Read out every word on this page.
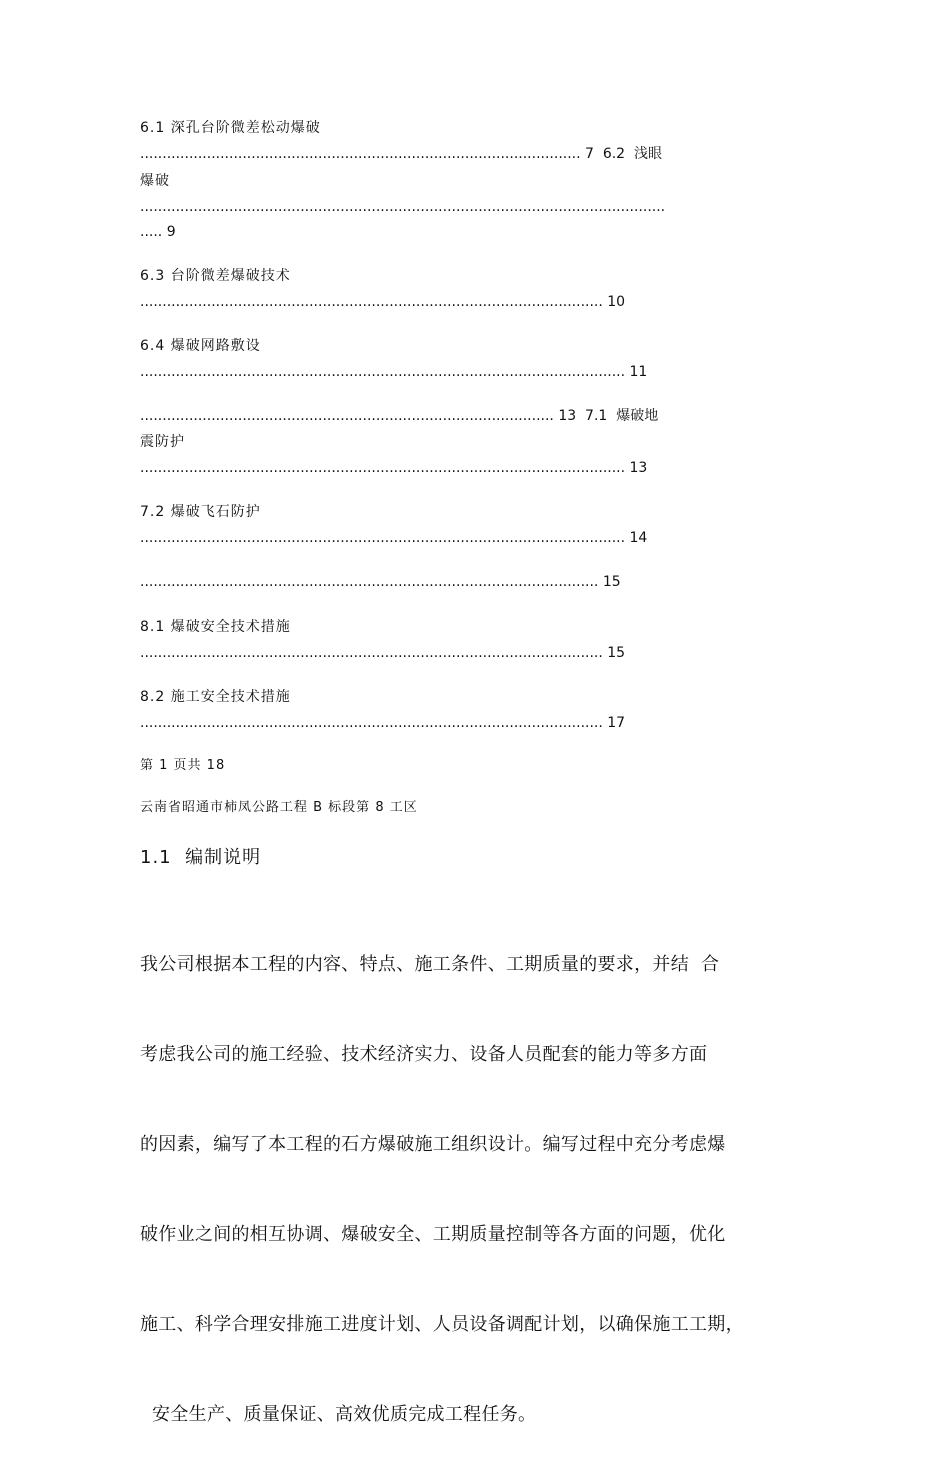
6.1 深孔台阶微差松动爆破
................................................................................................... 7  6.2  浅眼
爆破
......................................................................................................................
..... 9
6.3 台阶微差爆破技术
........................................................................................................ 10
6.4 爆破网路敷设
............................................................................................................. 11
............................................................................................. 13  7.1  爆破地
震防护
............................................................................................................. 13
7.2 爆破飞石防护
............................................................................................................. 14
....................................................................................................... 15
8.1 爆破安全技术措施
........................................................................................................ 15
8.2 施工安全技术措施
........................................................................................................ 17
第 1 页共 18
云南省昭通市柿凤公路工程 B 标段第 8 工区
1.1  编制说明

我公司根据本工程的内容、特点、施工条件、工期质量的要求，并结  合

考虑我公司的施工经验、技术经济实力、设备人员配套的能力等多方面

的因素，编写了本工程的石方爆破施工组织设计。编写过程中充分考虑爆

破作业之间的相互协调、爆破安全、工期质量控制等各方面的问题，优化

施工、科学合理安排施工进度计划、人员设备调配计划，以确保施工工期，

安全生产、质量保证、高效优质完成工程任务。
